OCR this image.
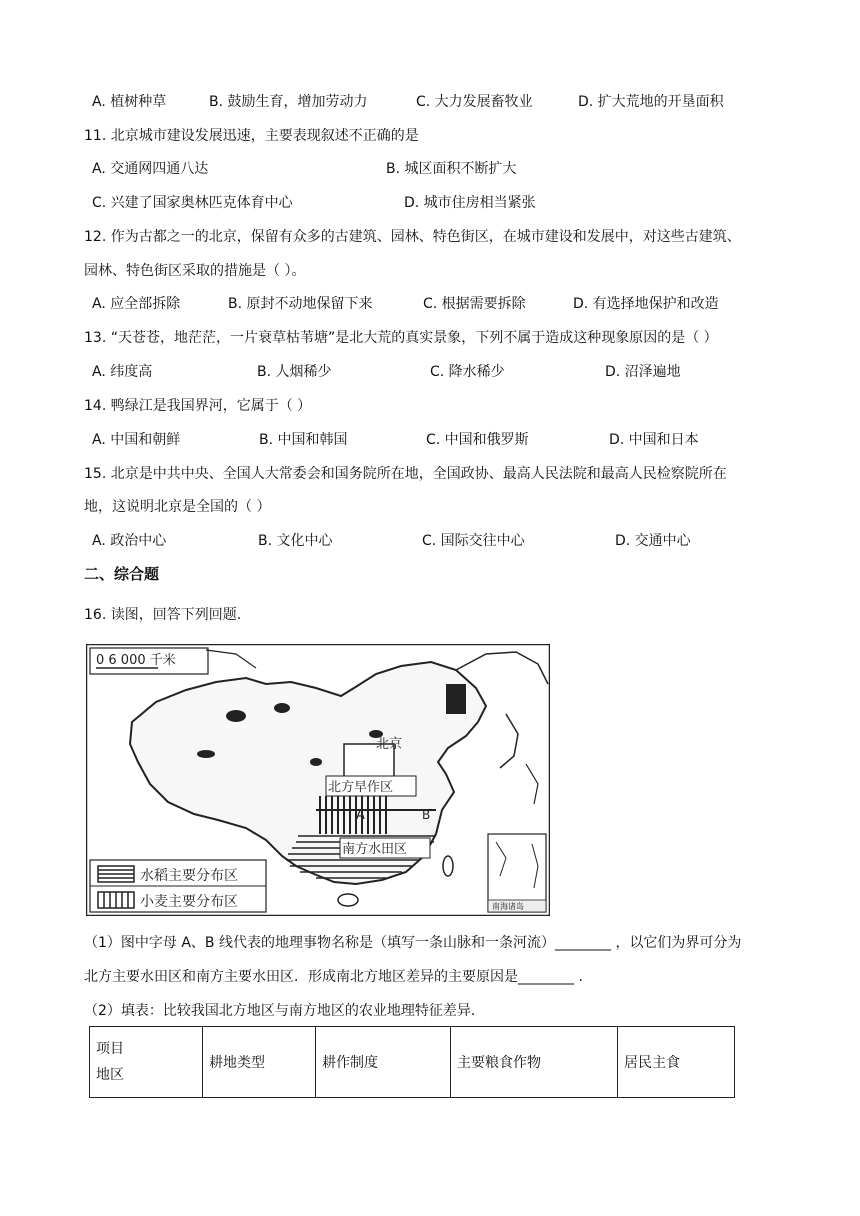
A. 植树种草	B. 鼓励生育，增加劳动力	C. 大力发展畜牧业	D. 扩大荒地的开垦面积
11. 北京城市建设发展迅速，主要表现叙述不正确的是
A. 交通网四通八达	B. 城区面积不断扩大
C. 兴建了国家奥林匹克体育中心	D. 城市住房相当紧张
12. 作为古都之一的北京，保留有众多的古建筑、园林、特色街区，在城市建设和发展中，对这些古建筑、
园林、特色街区采取的措施是（ ）。
A. 应全部拆除	B. 原封不动地保留下来	C. 根据需要拆除	D. 有选择地保护和改造
13. “天苍苍，地茫茫，一片衰草枯苇塘”是北大荒的真实景象，下列不属于造成这种现象原因的是（ ）
A. 纬度高	B. 人烟稀少	C. 降水稀少	D. 沼泽遍地
14. 鸭绿江是我国界河，它属于（ ）
A. 中国和朝鲜	B. 中国和韩国	C. 中国和俄罗斯	D. 中国和日本
15. 北京是中共中央、全国人大常委会和国务院所在地，全国政协、最高人民法院和最高人民检察院所在
地，这说明北京是全国的（ ）
A. 政治中心	B. 文化中心	C. 国际交往中心	D. 交通中心
二、综合题
16. 读图，回答下列回题.
0 6 000 千米
北京
北方早作区
A	B
南方水田区
水稻主要分布区
小麦主要分布区	南海诸岛
（1）图中字母 A、B 线代表的地理事物名称是（填写一条山脉和一条河流）________ ，以它们为界可分为
北方主要水田区和南方主要水田区．形成南北方地区差异的主要原因是________ .
（2）填表：比较我国北方地区与南方地区的农业地理特征差异.
项目
地区
	耕地类型	耕作制度	主要粮食作物	居民主食
